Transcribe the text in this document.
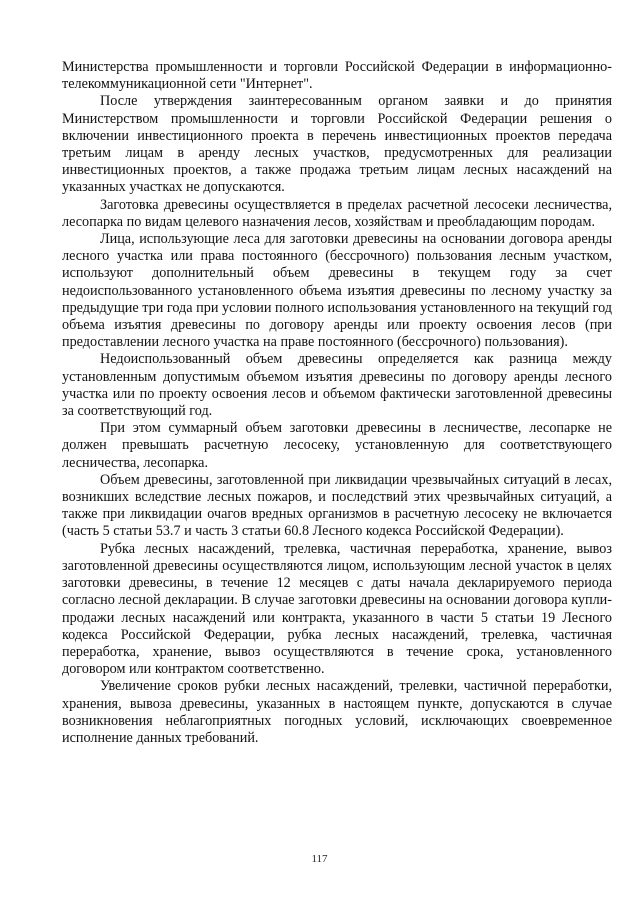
Министерства промышленности и торговли Российской Федерации в информационно-телекоммуникационной сети "Интернет".

После утверждения заинтересованным органом заявки и до принятия Министерством промышленности и торговли Российской Федерации решения о включении инвестиционного проекта в перечень инвестиционных проектов передача третьим лицам в аренду лесных участков, предусмотренных для реализации инвестиционных проектов, а также продажа третьим лицам лесных насаждений на указанных участках не допускаются.

Заготовка древесины осуществляется в пределах расчетной лесосеки лесничества, лесопарка по видам целевого назначения лесов, хозяйствам и преобладающим породам.

Лица, использующие леса для заготовки древесины на основании договора аренды лесного участка или права постоянного (бессрочного) пользования лесным участком, используют дополнительный объем древесины в текущем году за счет недоиспользованного установленного объема изъятия древесины по лесному участку за предыдущие три года при условии полного использования установленного на текущий год объема изъятия древесины по договору аренды или проекту освоения лесов (при предоставлении лесного участка на праве постоянного (бессрочного) пользования).

Недоиспользованный объем древесины определяется как разница между установленным допустимым объемом изъятия древесины по договору аренды лесного участка или по проекту освоения лесов и объемом фактически заготовленной древесины за соответствующий год.

При этом суммарный объем заготовки древесины в лесничестве, лесопарке не должен превышать расчетную лесосеку, установленную для соответствующего лесничества, лесопарка.

Объем древесины, заготовленной при ликвидации чрезвычайных ситуаций в лесах, возникших вследствие лесных пожаров, и последствий этих чрезвычайных ситуаций, а также при ликвидации очагов вредных организмов в расчетную лесосеку не включается (часть 5 статьи 53.7 и часть 3 статьи 60.8 Лесного кодекса Российской Федерации).

Рубка лесных насаждений, трелевка, частичная переработка, хранение, вывоз заготовленной древесины осуществляются лицом, использующим лесной участок в целях заготовки древесины, в течение 12 месяцев с даты начала декларируемого периода согласно лесной декларации. В случае заготовки древесины на основании договора купли-продажи лесных насаждений или контракта, указанного в части 5 статьи 19 Лесного кодекса Российской Федерации, рубка лесных насаждений, трелевка, частичная переработка, хранение, вывоз осуществляются в течение срока, установленного договором или контрактом соответственно.

Увеличение сроков рубки лесных насаждений, трелевки, частичной переработки, хранения, вывоза древесины, указанных в настоящем пункте, допускаются в случае возникновения неблагоприятных погодных условий, исключающих своевременное исполнение данных требований.

117
